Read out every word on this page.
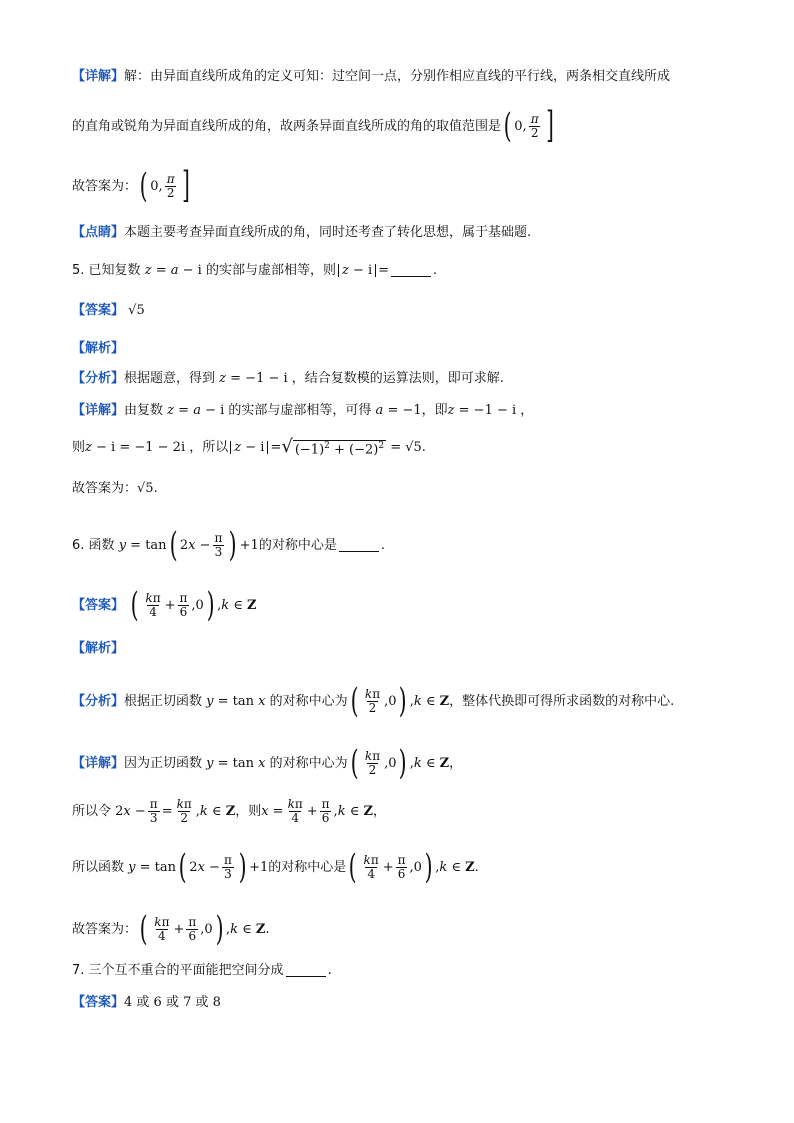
【详解】 解：由异面直线所成角的定义可知：过空间一点，分别作相应直线的平行线，两条相交直线所成
的直角或锐角为异面直线所成的角，故两条异面直线所成的角的取值范围是 ( 0, $\frac{\pi}{2}$ ]
故答案为： ( 0, $\frac{\pi}{2}$ ]
【点睛】 本题主要考查异面直线所成的角，同时还考查了转化思想，属于基础题.
5.
已知复数 z = a − i 的实部与虚部相等，则 z − i =	.
【答案】
√5
【解析】
【分析】 根据题意，得到 z = −1 − i ，结合复数模的运算法则，即可求解.
【详解】 由复数 z = a − i 的实部与虚部相等，可得 a = −1 ，即 z = −1 − i ，
则 z − i = −1 − 2i ，所以 z − i = √ $(-1)^2 + (-2)^2 = √5$ .
故答案为： √5 .
6.
函数 y = tan ( 2 $x - \frac{\pi}{3}$ ) +1 的对称中心是	.
【答案】
( $\frac{k\pi}{4} + \frac{\pi}{6} ,0$ ) , k ∈ Z
【解析】
【分析】 根据正切函数 y = tan x 的对称中心为 ( $\frac{k\pi}{2} ,0$ ) , k ∈ Z ，整体代换即可得所求函数的对称中心.
【详解】 因为正切函数 y = tan x 的对称中心为 ( $\frac{k\pi}{2} ,0$ ) , k ∈ Z ，
所以令 2 $x - \frac{\pi}{3} = \frac{k\pi}{2}$ , k ∈ Z ，则 $x = \frac{k\pi}{4} + \frac{\pi}{6}$ , k ∈ Z ，
所以函数 y = tan ( 2 $x - \frac{\pi}{3}$ ) +1 的对称中心是 ( $\frac{k\pi}{4} + \frac{\pi}{6} ,0$ ) , k ∈ Z .
故答案为： ( $\frac{k\pi}{4} + \frac{\pi}{6} ,0$ ) , k ∈ Z .
7.
三个互不重合的平面能把空间分成	.
【答案】 4 或 6 或 7 或 8
